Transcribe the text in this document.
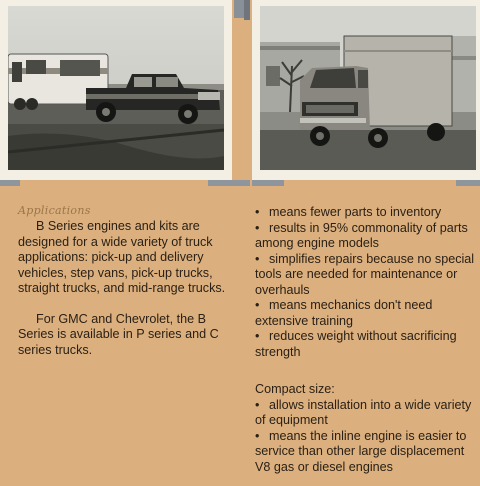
Applications

B Series engines and kits are designed for a wide variety of truck applications: pick-up and delivery vehicles, step vans, pick-up trucks, straight trucks, and mid-range trucks.

For GMC and Chevrolet, the B Series is available in P series and C series trucks.

• means fewer parts to inventory
• results in 95% commonality of parts among engine models
• simplifies repairs because no special tools are needed for maintenance or overhauls
• means mechanics don't need extensive training
• reduces weight without sacrificing strength
Compact size:
• allows installation into a wide variety of equipment
• means the inline engine is easier to service than other large displacement V8 gas or diesel engines
